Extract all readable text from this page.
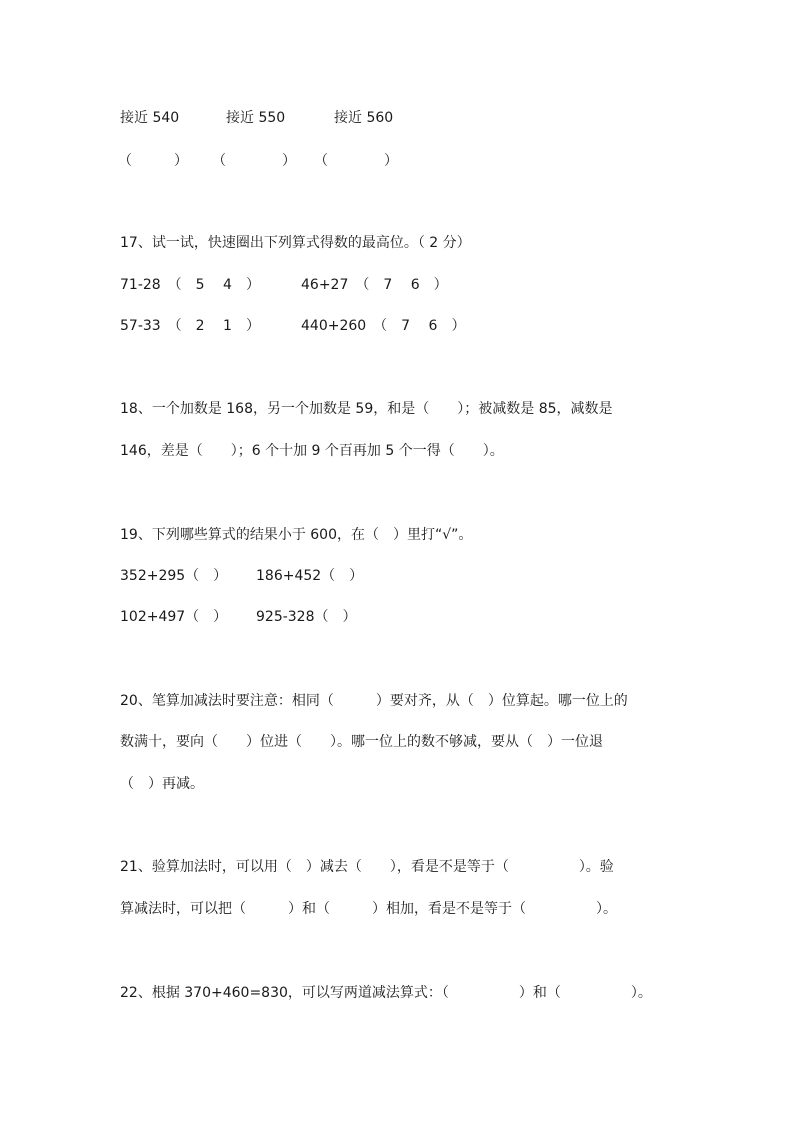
接近 540	接近 550	接近 560
（　　　） （　　　　） （　　　　）
17、试一试，快速圈出下列算式得数的最高位。（ 2 分）
71-28　（　5　 4　）	46+27　（　7　 6　）
57-33　（　2　 1　）	440+260　（　7　 6　）
18、一个加数是 168，另一个加数是 59，和是（　　）；被减数是 85，减数是
146，差是（　　）；6 个十加 9 个百再加 5 个一得（　　）。
19、下列哪些算式的结果小于 600，在（　）里打“√”。
352+295（　） 186+452（　）
102+497（　） 925-328（　）
20、笔算加减法时要注意：相同（　　　）要对齐，从（　）位算起。哪一位上的
数满十，要向（　　）位进（　　）。哪一位上的数不够减，要从（　）一位退
（　）再减。
21、验算加法时，可以用（　）减去（　　），看是不是等于（　　　　　）。验
算减法时，可以把（　　　）和（　　　）相加，看是不是等于（　　　　　）。
22、根据 370+460=830，可以写两道减法算式：（　　　　　）和（　　　　　）。
